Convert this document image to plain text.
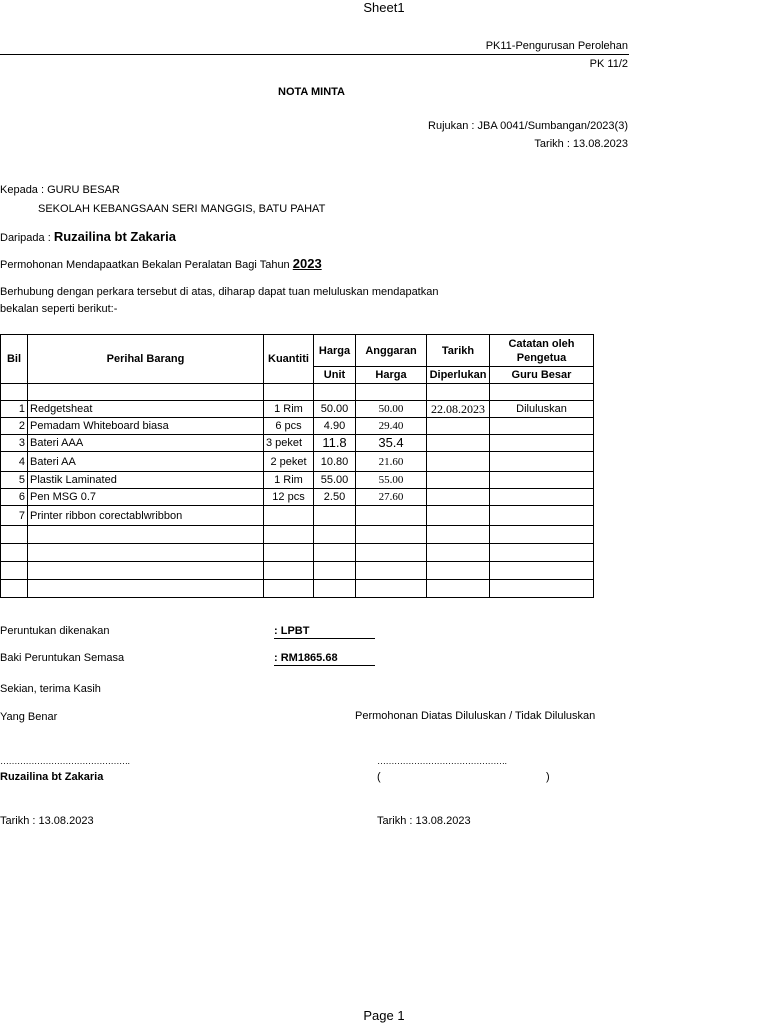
Sheet1
PK11-Pengurusan Perolehan
PK 11/2
NOTA MINTA
Rujukan : JBA 0041/Sumbangan/2023(3)
Tarikh : 13.08.2023
Kepada : GURU BESAR
SEKOLAH KEBANGSAAN SERI MANGGIS, BATU PAHAT
Daripada : Ruzailina bt Zakaria
Permohonan Mendapaatkan Bekalan Peralatan Bagi Tahun 2023
Berhubung dengan perkara tersebut di atas, diharap dapat tuan meluluskan mendapatkan
bekalan seperti berikut:-
Bil	Perihal Barang	Kuantiti	Harga	Anggaran	Tarikh	Catatan oleh
Pengetua

			Unit	Harga	Diperlukan	Guru Besar

1	Redgetsheat	1 Rim	50.00	50.00	22.08.2023	Diluluskan
2	Pemadam Whiteboard biasa	6 pcs	4.90	29.40		
3	Bateri AAA	3 peket	11.8	35.4		
4	Bateri AA	2 peket	10.80	21.60		
5	Plastik Laminated	1 Rim	55.00	55.00		
6	Pen MSG 0.7	12 pcs	2.50	27.60		
7	Printer ribbon corectablwribbon					

Peruntukan dikenakan	: LPBT
Baki Peruntukan Semasa	: RM1865.68
Sekian, terima Kasih
Yang Benar	Permohonan Diatas Diluluskan / Tidak Diluluskan
……………………………………….	……………………………………….
Ruzailina bt Zakaria	(	)
Tarikh : 13.08.2023	Tarikh : 13.08.2023
Page 1
